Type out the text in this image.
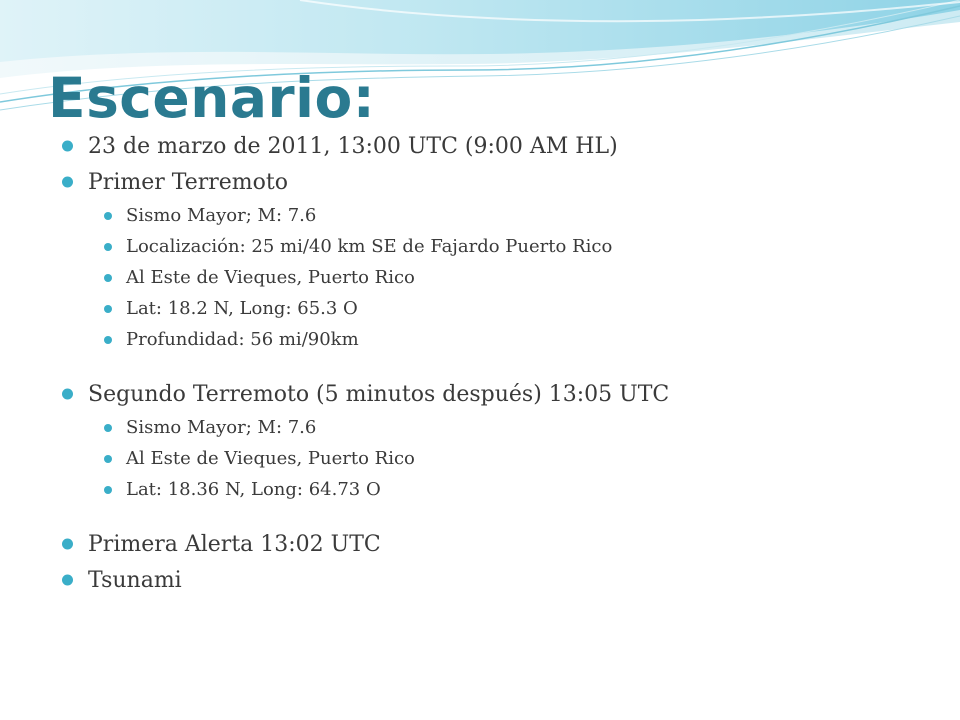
Escenario:
23 de marzo de 2011, 13:00 UTC (9:00 AM HL)
Primer Terremoto
Sismo Mayor; M: 7.6
Localización: 25 mi/40 km SE de Fajardo Puerto Rico
Al Este de Vieques, Puerto Rico
Lat: 18.2 N, Long: 65.3 O
Profundidad: 56 mi/90km
Segundo Terremoto (5 minutos después) 13:05 UTC
Sismo Mayor; M: 7.6
Al Este de Vieques, Puerto Rico
Lat: 18.36 N, Long: 64.73 O
Primera Alerta 13:02 UTC
Tsunami
